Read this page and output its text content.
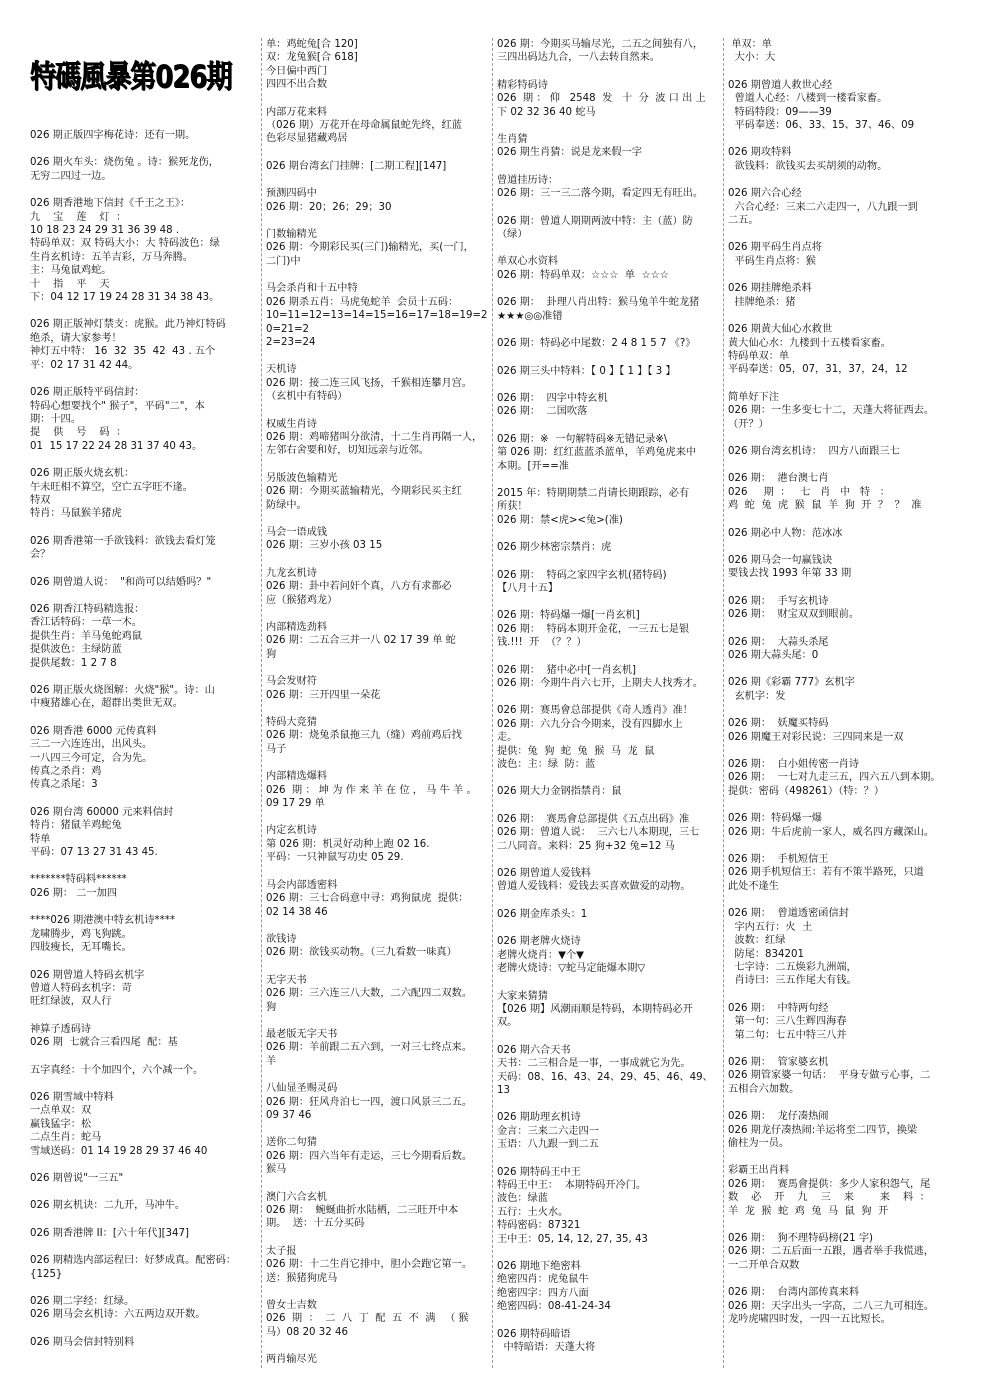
特碼風暴第026期
026 期正版四字梅花诗：还有一期。
026 期火车头：烧伤兔 。诗：猴死龙伤，
无穷二四过一边。
026 期香港地下信封《千王之王》：
九    宝    莲    灯  ：
10 18 23 24 29 31 36 39 48 .
特码单双：双 特码大小：大 特码波色：绿
生肖玄机诗：五羊吉彩，万马奔腾。
主：马兔鼠鸡蛇。
十    指    平    天
下：04 12 17 19 24 28 31 34 38 43。
026 期正版神灯禁支：虎猴。此乃神灯特码
绝杀，请大家参考！
神灯五中特： 16  32  35  42  43 . 五个
平：02 17 31 42 44。
026 期正版特平码信封：
特码心想要找个" 猴子"，平码"二"，本
期：十四。
提    供    号    码  ：
01  15 17 22 24 28 31 37 40 43。
026 期正版火烧玄机：
午未旺相不算空，空亡五字旺不逢。
特双
特肖：马鼠猴羊猪虎
026 期香港第一手欲钱料：欲钱去看灯笼
会？
026 期曾道人说：  "和尚可以结婚吗？"
026 期香江特码精选报：
香江话特码：一草一木。
提供生肖：羊马兔蛇鸡鼠
提供波色：主绿防蓝
提供尾数：1 2 7 8
026 期正版火烧图解：火烧"猴"。诗：山
中瘦猪雄心在，超群出类世无双。
026 期香港 6000 元传真料
三二一六连连出，出风头。
一八四三今可定，合为先。
传真之杀肖：鸡
传真之杀尾：3
026 期台湾 60000 元来料信封
特肖：猪鼠羊鸡蛇兔
特单
平码：07 13 27 31 43 45.
*******特码料******
026 期： 二一加四
****026 期港澳中特玄机诗****
龙啸腾步，鸡飞狗跳。
四肢瘦长，无耳嘴长。
026 期曾道人特码玄机字
曾道人特码玄机字：苛
旺红绿波，双人行
神算子透码诗
026 期  七就合三看四尾  配：基
五字真经：十个加四个，六个减一个。
026 期雪域中特料
一点单双：双
赢钱猛字：松
二点生肖：蛇马
雪域送码：01 14 19 28 29 37 46 40
026 期曾说"一三五"
026 期玄机诀：二九开，马冲牛。
026 期香港牌 II：[六十年代][347]
026 期精选内部运程曰：好梦成真。配密码：
{125}
026 期二字经：红绿。
026 期马会玄机诗：六五两边双开数。
026 期马会信封特别料
单：鸡蛇兔[合 120]
双：龙兔猴[合 618]
今日偏中西门
四四不出合数
内部万花来料
（026 期）万花开在母命属鼠蛇先终，红蓝
色彩尽显猪藏鸡居
026 期台湾玄门挂牌：[二期工程][147]
预测四码中
026 期：20；26；29；30
门数输精光
026 期：今期彩民买(三门)输精光，买(一门，
二门)中
马会杀肖和十五中特
026 期杀五肖：马虎兔蛇羊  会员十五码：
10=11=12=13=14=15=16=17=18=19=20=21=2
2=23=24
天机诗
026 期：接二连三风飞扬，千猴相连攀月宫。
（玄机中有特码）
权威生肖诗
026 期：鸡啼猪叫分欲清，十二生肖再隔一人，
左邻右舍要和好，切知远亲与近邻。
另版波色输精光
026 期：今期买蓝输精光，今期彩民买主红
防绿中。
马会一语成钱
026 期：三岁小孩 03 15
九龙玄机诗
026 期：卦中若问奸个真，八方有求都必
应（猴猪鸡龙）
内部精选劲料
026 期：二五合三并一八 02 17 39 单 蛇
狗
马会发财符
026 期：三开四里一朵花
特码大竞猜
026 期：烧兔杀鼠拖三九（缝）鸡前鸡后找
马子
内部精选爆料
026  期 ： 坤 为 作 来 羊 在 位 ， 马 牛 羊 。
09 17 29 单
内定玄机诗
第 026 期：机灵好动种上跑 02 16.
平码：一只神鼠写功史 05 29.
马会内部透密料
026 期：三七合码意中寻：鸡狗鼠虎  提供：
02 14 38 46
欲钱诗
026 期：欲钱买动物。（三九看数一味真）
无字天书
026 期：三六连三八大数，二六配四二双数。
狗
最老版无字天书
026 期：羊前跟二五六到，一对三七终点来。
羊
八仙显圣赐灵码
026 期：狂风舟泊七一四，渡口风景三二五。
09 37 46
送你二句猜
026 期：四六当年有走运，三七今期看后数。
猴马
澳门六合玄机
026 期：  蜿蜒曲折水陆栖，二三旺开中本
期。  送：十五分买码
太子报
026 期：十二生肖它排中，胆小会跑它第一。
送：猴猪狗虎马
曾女士吉数
026  期  ：  二  八  丁  配  五  不  满   （ 猴
马）08 20 32 46
两肖输尽光
026 期：今期买马输尽光，二五之间独有八，
三四出码达九合，一八去转自然来。
精彩特码诗
026  期 ： 仰   2548  发   十  分  波 口 出 上
下 02 32 36 40 蛇马
生肖猜
026 期生肖猜：说是龙来假一字
曾道挂历诗：
026 期：三一三二落今期，看定四无有旺出。
026 期：曾道人期期两波中特：主（蓝）防
（绿）
单双心水资料
026 期：特码单双：☆☆☆  单  ☆☆☆
026 期：  卦理八肖出特：猴马兔羊牛蛇龙猪
★★★◎◎准错
026 期：特码必中尾数：2 4 8 1 5 7 《?》
026 期三头中特料：【 0 】【 1 】【 3 】
026 期：  四字中特玄机
026 期：  二国吹落
026 期：※  一句解特码※无错记录※\
第 026 期：红红蓝蓝杀蓝单，羊鸡兔虎来中
本期。[开==准
2015 年：特期期禁二肖请长期跟踪，必有
所获！
026 期：禁<虎><兔>(准)
026 期少林密宗禁肖：虎
026 期：  特码之家四字玄机(猪特码)
【八月十五】
026 期：特码爆一爆[一肖玄机]
026 期：  特码本期开金花，一三五七是银
钱.!!!  开  （？？）
026 期：  猪中必中[一肖玄机]
026 期：今期牛肖六七开，上期夫人找秀才。
026 期：赛馬會总部提供《奇人透肖》准！
026 期：六九分合今期来，没有四脚水上
走。
提供：兔  狗  蛇  兔  猴  马  龙  鼠
波色：主：绿  防：蓝
026 期大力金钢指禁肖：鼠
026 期：  赛馬會总部提供《五点出码》准
026 期：曾道人说：  三六七八本期现，三七
二八同音。来料：25 狗+32 兔=12 马
026 期曾道人爱钱料
曾道人爱钱料：爱钱去买喜欢做爱的动物。
026 期金库杀头：1
026 期老牌火烧诗
老牌火烧肖：▼个▼
老牌火烧诗：▽蛇马定能爆本期▽
大家来猜猜
【026 期】风潮雨顺是特码，本期特码必开
双。
026 期六合天书
天书：二三相合是一事，一事成就它为先。
天码：08、16、43、24、29、45、46、49、
13
026 期助理玄机诗
金言：三来二六走四一
玉语：八九跟一到二五
026 期特码王中王
特码王中王：  本期特码开冷门。
波色：绿蓝
五行：土火水。
特码密码：87321
王中王：05, 14, 12, 27, 35, 43
026 期地下绝密料
绝密四肖：虎兔鼠牛
绝密四字：四方八面
绝密四码：08-41-24-34
026 期特码暗语
中特暗语：天蓬大将
单双：单
大小：大
026 期曾道人救世心经
曾道人心经：八楼到一楼看家畜。
特码特段：09——39
平码奉送：06、33、15、37、46、09
026 期攻特料
欲钱料：欲钱买去买胡须的动物。
026 期六合心经
六合心经：三来二六走四一，八九跟一到
二五。
026 期平码生肖点将
平码生肖点将：猴
026 期挂牌绝杀料
挂牌绝杀：猪
026 期黄大仙心水救世
黄大仙心水：九楼到十五楼看家畜。
特码单双：单
平码奉送：05，07，31，37，24，12
简单好下注
026 期：一生多变七十二，天蓬大将征西去。
（开？）
026 期台湾玄机诗：  四方八面跟三七
026 期：  港台澳七肖
026     期  ：   七   肖   中   特   ：
鸡  蛇  兔  虎  猴  鼠  羊  狗  开  ？  ？  准
026 期必中人物：范冰冰
026 期马会一句赢钱诀
要钱去找 1993 年第 33 期
026 期：  手写玄机诗
026 期：  财宝双双到眼前。
026 期：  大蒜头杀尾
026 期大蒜头尾：0
026 期《彩霸 777》玄机字
玄机字：发
026 期：  妖魔买特码
026 期魔王对彩民说：三四同来是一双
026 期：  白小姐传密一肖诗
026 期：  一七对九走三五，四六五八到本期。
提供：密码（498261）（特：？）
026 期：特码爆一爆
026 期：牛后虎前一家人，威名四方藏深山。
026 期：  手机短信王
026 期手机短信王：若有不策半路死，只道
此处不逢生
026 期：  曾道透密函信封
字内五行：火  土
波数：红绿
防尾：834201
七字诗：二五焕彩九洲端，
肖诗曰：三五作尾大有钱。
026 期：  中特两句经
第一句：三八生辉四海春
第二句：七五中特三八并
026 期：  管家婆玄机
026 期管家婆一句话：  平身专做亏心事，二
五相合六加数。
026 期：  龙仔凑热闹
026 期龙仔凑热闹:羊运将至二四节，换梁
偷柱为一员。
彩霸王出肖料
026 期：  赛馬會提供：多少人家积怨气，尾
数    必    开    九    三    来        来    料  ：
羊  龙  猴  蛇  鸡  兔  马  鼠  狗  开
026 期：  狗不理特码榜(21 字)
026 期：二五后面一五跟，遇者举手我慌逃，
一二开单合双数
026 期：  台湾内部传真来料
026 期：天字出头一字高，二八三九可相连。
龙吟虎啸四时发，一四一五比短长。
